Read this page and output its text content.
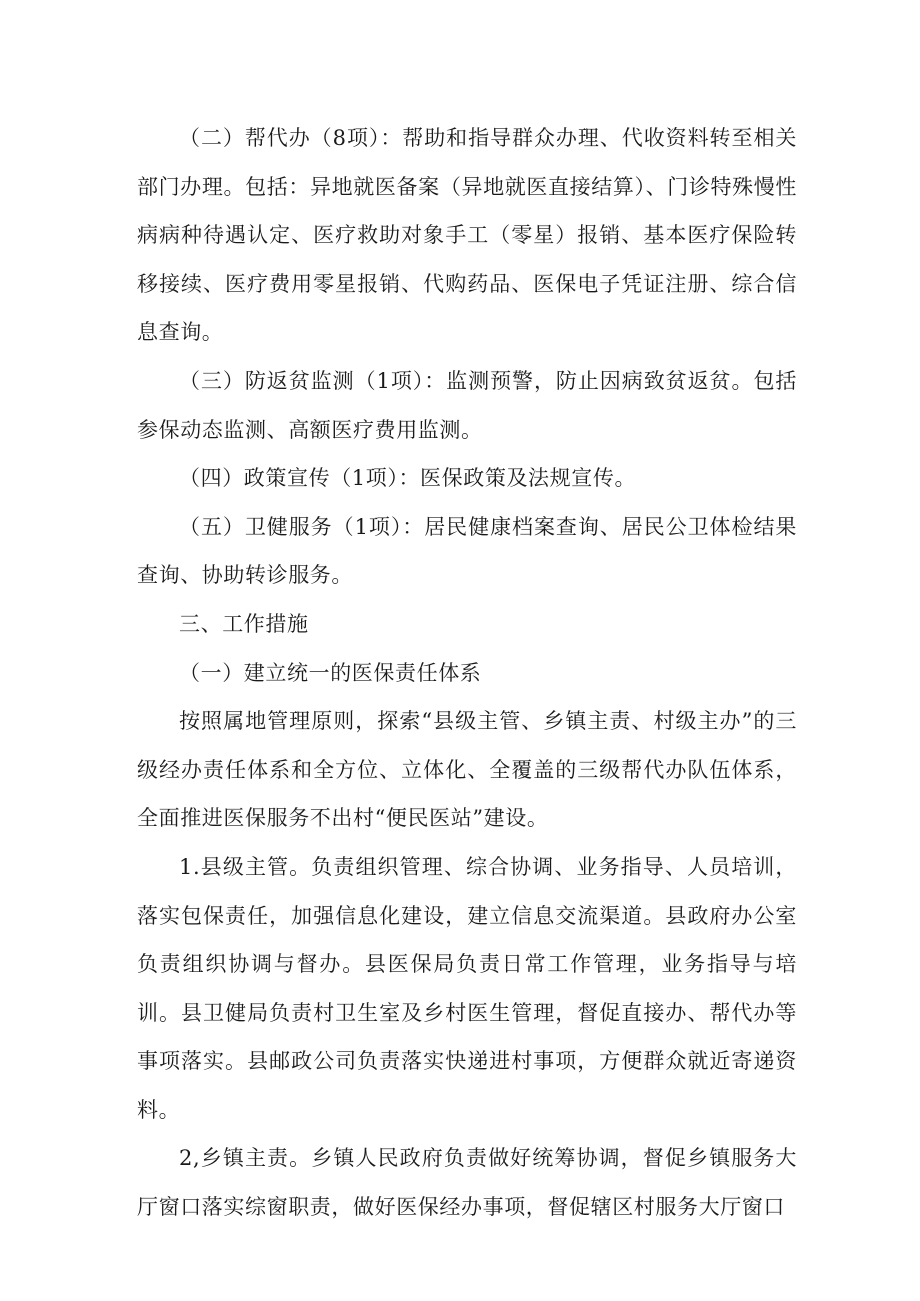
（二）帮代办（8项）：帮助和指导群众办理、代收资料转至相关部门办理。包括：异地就医备案（异地就医直接结算）、门诊特殊慢性病病种待遇认定、医疗救助对象手工（零星）报销、基本医疗保险转移接续、医疗费用零星报销、代购药品、医保电子凭证注册、综合信息查询。

（三）防返贫监测（1项）：监测预警，防止因病致贫返贫。包括参保动态监测、高额医疗费用监测。

（四）政策宣传（1项）：医保政策及法规宣传。

（五）卫健服务（1项）：居民健康档案查询、居民公卫体检结果查询、协助转诊服务。

三、工作措施

（一）建立统一的医保责任体系

按照属地管理原则，探索“县级主管、乡镇主责、村级主办”的三级经办责任体系和全方位、立体化、全覆盖的三级帮代办队伍体系，全面推进医保服务不出村“便民医站”建设。

1.县级主管。负责组织管理、综合协调、业务指导、人员培训，落实包保责任，加强信息化建设，建立信息交流渠道。县政府办公室负责组织协调与督办。县医保局负责日常工作管理，业务指导与培训。县卫健局负责村卫生室及乡村医生管理，督促直接办、帮代办等事项落实。县邮政公司负责落实快递进村事项，方便群众就近寄递资料。

2,乡镇主责。乡镇人民政府负责做好统筹协调，督促乡镇服务大厅窗口落实综窗职责，做好医保经办事项，督促辖区村服务大厅窗口
